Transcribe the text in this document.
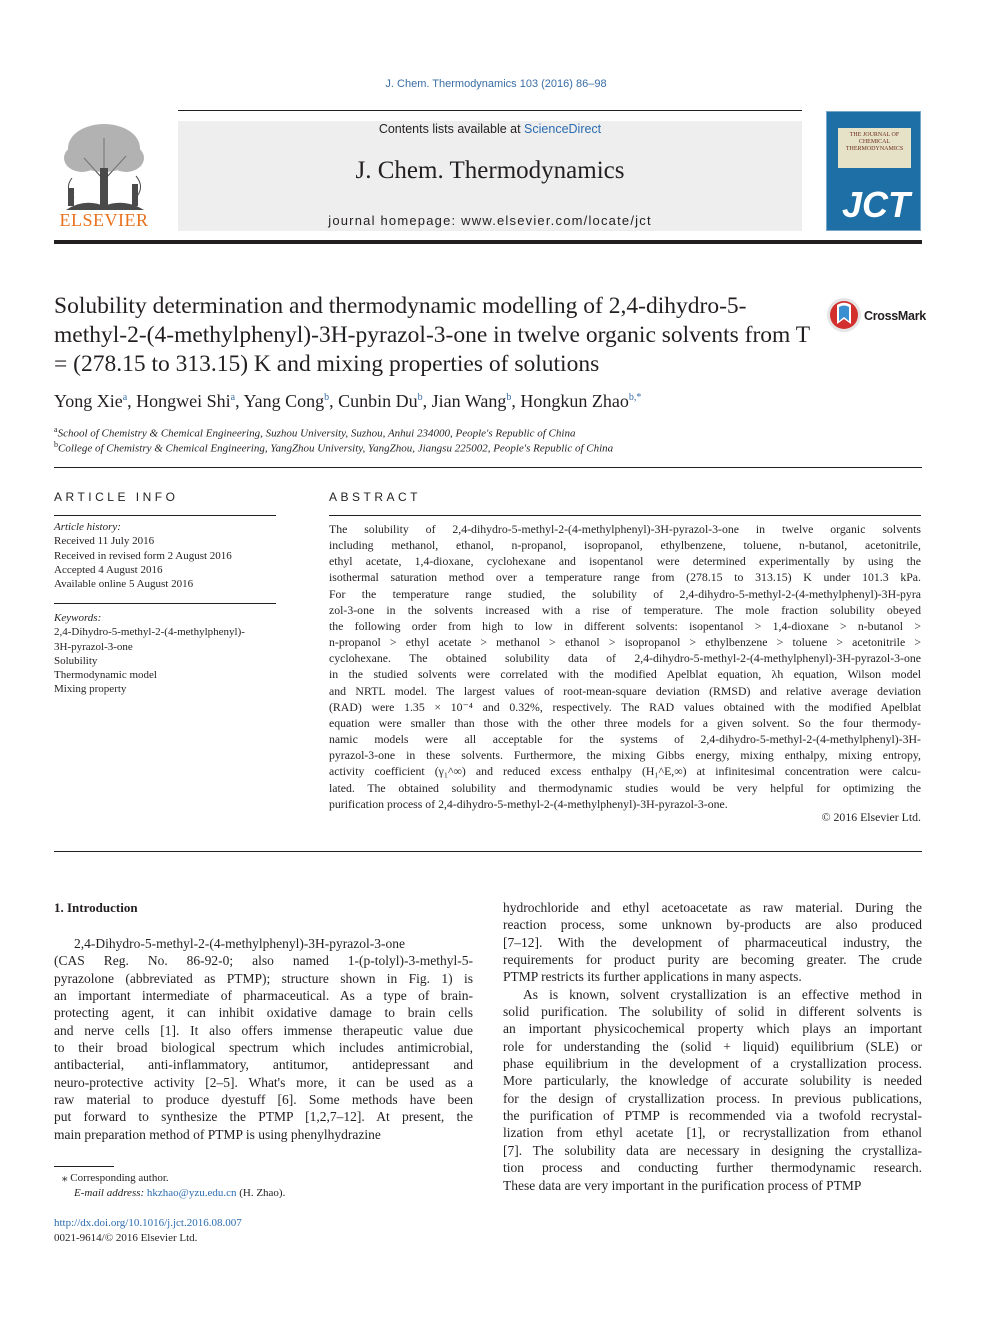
J. Chem. Thermodynamics 103 (2016) 86–98
ELSEVIER
Contents lists available at ScienceDirect
J. Chem. Thermodynamics
journal homepage: www.elsevier.com/locate/jct
THE JOURNAL OF CHEMICAL THERMODYNAMICS
JCT
Solubility determination and thermodynamic modelling of 2,4-dihydro-5-methyl-2-(4-methylphenyl)-3H-pyrazol-3-one in twelve organic solvents from T = (278.15 to 313.15) K and mixing properties of solutions
CrossMark
Yong Xie$^a$, Hongwei Shi$^a$, Yang Cong$^b$, Cunbin Du$^b$, Jian Wang$^b$, Hongkun Zhao$^{b,*}$
$^a$School of Chemistry & Chemical Engineering, Suzhou University, Suzhou, Anhui 234000, People's Republic of China
$^b$College of Chemistry & Chemical Engineering, YangZhou University, YangZhou, Jiangsu 225002, People's Republic of China
ARTICLE INFO
Article history:
Received 11 July 2016
Received in revised form 2 August 2016
Accepted 4 August 2016
Available online 5 August 2016
Keywords:
2,4-Dihydro-5-methyl-2-(4-methylphenyl)-
3H-pyrazol-3-one
Solubility
Thermodynamic model
Mixing property
ABSTRACT
The solubility of 2,4-dihydro-5-methyl-2-(4-methylphenyl)-3H-pyrazol-3-one in twelve organic solvents
including methanol, ethanol, n-propanol, isopropanol, ethylbenzene, toluene, n-butanol, acetonitrile,
ethyl acetate, 1,4-dioxane, cyclohexane and isopentanol were determined experimentally by using the
isothermal saturation method over a temperature range from (278.15 to 313.15) K under 101.3 kPa.
For the temperature range studied, the solubility of 2,4-dihydro-5-methyl-2-(4-methylphenyl)-3H-pyra
zol-3-one in the solvents increased with a rise of temperature. The mole fraction solubility obeyed
the following order from high to low in different solvents: isopentanol > 1,4-dioxane > n-butanol >
n-propanol > ethyl acetate > methanol > ethanol > isopropanol > ethylbenzene > toluene > acetonitrile >
cyclohexane. The obtained solubility data of 2,4-dihydro-5-methyl-2-(4-methylphenyl)-3H-pyrazol-3-one
in the studied solvents were correlated with the modified Apelblat equation, λh equation, Wilson model
and NRTL model. The largest values of root-mean-square deviation (RMSD) and relative average deviation
(RAD) were 1.35 × 10⁻⁴ and 0.32%, respectively. The RAD values obtained with the modified Apelblat
equation were smaller than those with the other three models for a given solvent. So the four thermody-
namic models were all acceptable for the systems of 2,4-dihydro-5-methyl-2-(4-methylphenyl)-3H-
pyrazol-3-one in these solvents. Furthermore, the mixing Gibbs energy, mixing enthalpy, mixing entropy,
activity coefficient (γ₁^∞) and reduced excess enthalpy (H₁^E,∞) at infinitesimal concentration were calcu-
lated. The obtained solubility and thermodynamic studies would be very helpful for optimizing the
purification process of 2,4-dihydro-5-methyl-2-(4-methylphenyl)-3H-pyrazol-3-one.
© 2016 Elsevier Ltd.
1. Introduction
2,4-Dihydro-5-methyl-2-(4-methylphenyl)-3H-pyrazol-3-one
(CAS Reg. No. 86-92-0; also named 1-(p-tolyl)-3-methyl-5-
pyrazolone (abbreviated as PTMP); structure shown in Fig. 1) is
an important intermediate of pharmaceutical. As a type of brain-
protecting agent, it can inhibit oxidative damage to brain cells
and nerve cells [1]. It also offers immense therapeutic value due
to their broad biological spectrum which includes antimicrobial,
antibacterial, anti-inflammatory, antitumor, antidepressant and
neuro-protective activity [2–5]. What's more, it can be used as a
raw material to produce dyestuff [6]. Some methods have been
put forward to synthesize the PTMP [1,2,7–12]. At present, the
main preparation method of PTMP is using phenylhydrazine
hydrochloride and ethyl acetoacetate as raw material. During the
reaction process, some unknown by-products are also produced
[7–12]. With the development of pharmaceutical industry, the
requirements for product purity are becoming greater. The crude
PTMP restricts its further applications in many aspects.
As is known, solvent crystallization is an effective method in
solid purification. The solubility of solid in different solvents is
an important physicochemical property which plays an important
role for understanding the (solid + liquid) equilibrium (SLE) or
phase equilibrium in the development of a crystallization process.
More particularly, the knowledge of accurate solubility is needed
for the design of crystallization process. In previous publications,
the purification of PTMP is recommended via a twofold recrystal-
lization from ethyl acetate [1], or recrystallization from ethanol
[7]. The solubility data are necessary in designing the crystalliza-
tion process and conducting further thermodynamic research.
These data are very important in the purification process of PTMP
⁎ Corresponding author.
E-mail address: hkzhao@yzu.edu.cn (H. Zhao).
http://dx.doi.org/10.1016/j.jct.2016.08.007
0021-9614/© 2016 Elsevier Ltd.
